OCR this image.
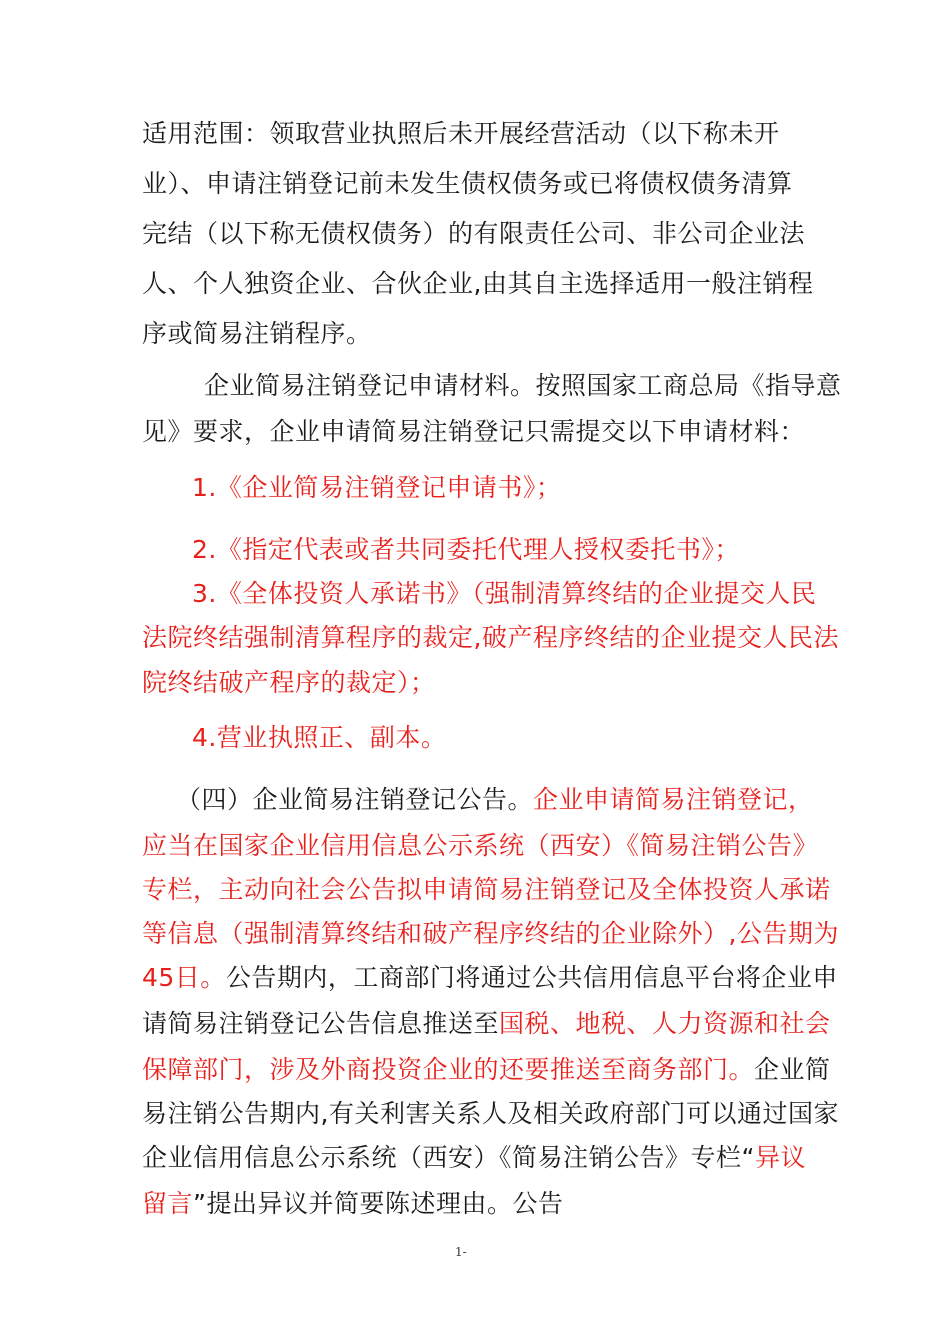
适用范围：领取营业执照后未开展经营活动（以下称未开
业）、申请注销登记前未发生债权债务或已将债权债务清算
完结（以下称无债权债务）的有限责任公司、非公司企业法
人、个人独资企业、合伙企业,由其自主选择适用一般注销程
序或简易注销程序。
企业简易注销登记申请材料。按照国家工商总局《指导意
见》要求，企业申请简易注销登记只需提交以下申请材料：
1.《企业简易注销登记申请书》；
2.《指定代表或者共同委托代理人授权委托书》；
3.《全体投资人承诺书》（强制清算终结的企业提交人民
法院终结强制清算程序的裁定,破产程序终结的企业提交人民法
院终结破产程序的裁定）；
4.营业执照正、副本。
（四）企业简易注销登记公告。企业申请简易注销登记，
应当在国家企业信用信息公示系统（西安）《简易注销公告》
专栏，主动向社会公告拟申请简易注销登记及全体投资人承诺
等信息（强制清算终结和破产程序终结的企业除外）,公告期为
45日。公告期内，工商部门将通过公共信用信息平台将企业申
请简易注销登记公告信息推送至国税、地税、人力资源和社会
保障部门，涉及外商投资企业的还要推送至商务部门。企业简
易注销公告期内,有关利害关系人及相关政府部门可以通过国家
企业信用信息公示系统（西安）《简易注销公告》专栏“异议
留言”提出异议并简要陈述理由。公告
1-
